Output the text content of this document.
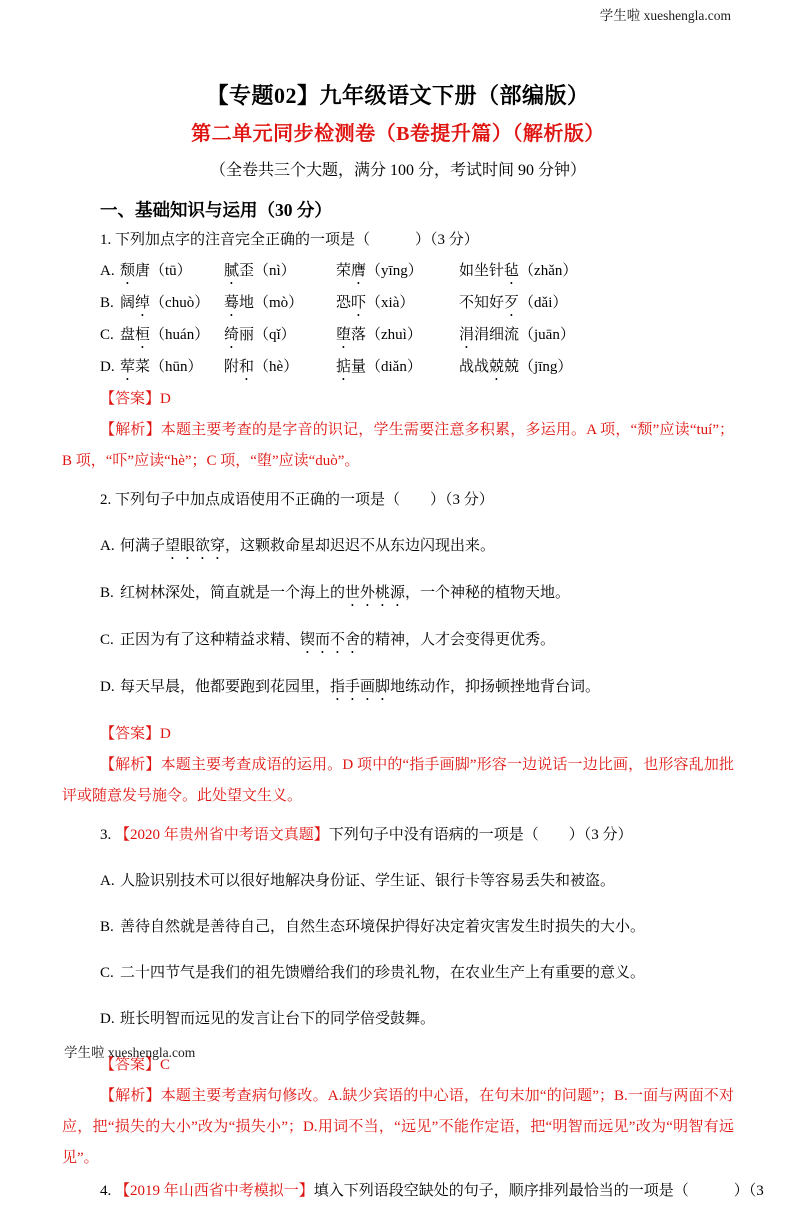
学生啦 xueshengla.com

【专题02】九年级语文下册（部编版）

第二单元同步检测卷（B卷提升篇）（解析版）

（全卷共三个大题，满分 100 分，考试时间 90 分钟）

一、基础知识与运用（30 分）

1. 下列加点字的注音完全正确的一项是（　　　）（3 分）

A. 颓唐（tū）	腻歪（nì）	荣膺（yīng）	如坐针毡（zhǎn）
B. 阔绰（chuò） 蓦地（mò）	恐吓（xià）	不知好歹（dǎi）
C. 盘桓（huán） 绮丽（qǐ）	堕落（zhuì）	涓涓细流（juān）
D. 荤菜（hūn）	附和（hè）	掂量（diǎn）	战战兢兢（jīng）

【答案】D

【解析】本题主要考查的是字音的识记，学生需要注意多积累，多运用。A 项，“颓”应读“tuí”；B 项，“吓”应读“hè”；C 项，“堕”应读“duò”。

2. 下列句子中加点成语使用不正确的一项是（　　）（3 分）

A. 何满子望眼欲穿，这颗救命星却迟迟不从东边闪现出来。

B. 红树林深处，简直就是一个海上的世外桃源，一个神秘的植物天地。

C. 正因为有了这种精益求精、锲而不舍的精神，人才会变得更优秀。

D. 每天早晨，他都要跑到花园里，指手画脚地练动作，抑扬顿挫地背台词。

【答案】D

【解析】本题主要考查成语的运用。D 项中的“指手画脚”形容一边说话一边比画，也形容乱加批评或随意发号施令。此处望文生义。

3. 【2020 年贵州省中考语文真题】下列句子中没有语病的一项是（　　）（3 分）

A. 人脸识别技术可以很好地解决身份证、学生证、银行卡等容易丢失和被盗。

B. 善待自然就是善待自己，自然生态环境保护得好决定着灾害发生时损失的大小。

C. 二十四节气是我们的祖先馈赠给我们的珍贵礼物，在农业生产上有重要的意义。

D. 班长明智而远见的发言让台下的同学倍受鼓舞。

【答案】C

【解析】本题主要考查病句修改。A.缺少宾语的中心语，在句末加“的问题”；B.一面与两面不对应，把“损失的大小”改为“损失小”；D.用词不当，“远见”不能作定语，把“明智而远见”改为“明智有远见”。

4. 【2019 年山西省中考模拟一】填入下列语段空缺处的句子，顺序排列最恰当的一项是（　　　）（3

学生啦 xueshengla.com
